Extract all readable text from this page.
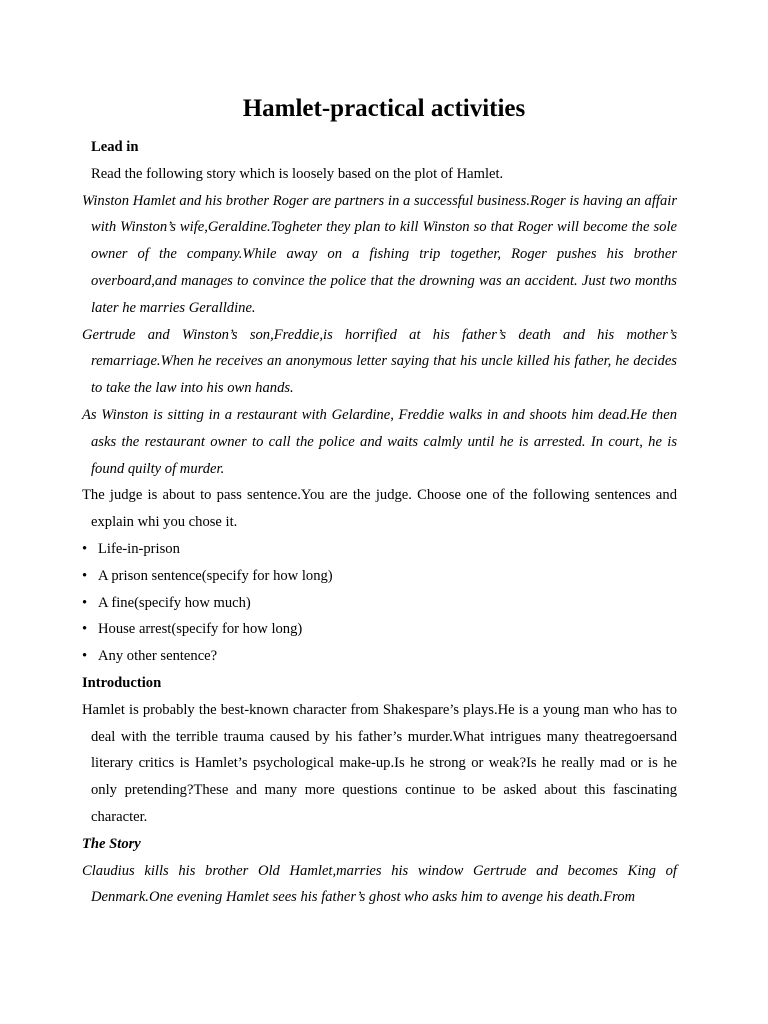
Hamlet-practical activities

Lead in

Read the following story which is loosely based on the plot of Hamlet.

Winston Hamlet and his brother Roger are partners in a successful business.Roger is having an affair with Winston’s wife,Geraldine.Togheter they plan to kill Winston so that Roger will become the sole owner of the company.While away on a fishing trip together, Roger pushes his brother overboard,and manages to convince the police that the drowning was an accident. Just two months later he marries Geralldine.

Gertrude and Winston’s son,Freddie,is horrified at his father’s death and his mother’s remarriage.When he receives an anonymous letter saying that his uncle killed his father, he decides to take the law into his own hands.

As Winston is sitting in a restaurant with Gelardine, Freddie walks in and shoots him dead.He then asks the restaurant owner to call the police and waits calmly until he is arrested. In court, he is found quilty of murder.

The judge is about to pass sentence.You are the judge. Choose one of the following sentences and explain whi you chose it.

• Life-in-prison
• A prison sentence(specify for how long)
• A fine(specify how much)
• House arrest(specify for how long)
• Any other sentence?

Introduction

Hamlet is probably the best-known character from Shakespare’s plays.He is a young man who has to deal with the terrible trauma caused by his father’s murder.What intrigues many theatregoersand literary critics is Hamlet’s psychological make-up.Is he strong or weak?Is he really mad or is he only pretending?These and many more questions continue to be asked about this fascinating character.

The Story

Claudius kills his brother Old Hamlet,marries his window Gertrude and becomes King of Denmark.One evening Hamlet sees his father’s ghost who asks him to avenge his death.From
